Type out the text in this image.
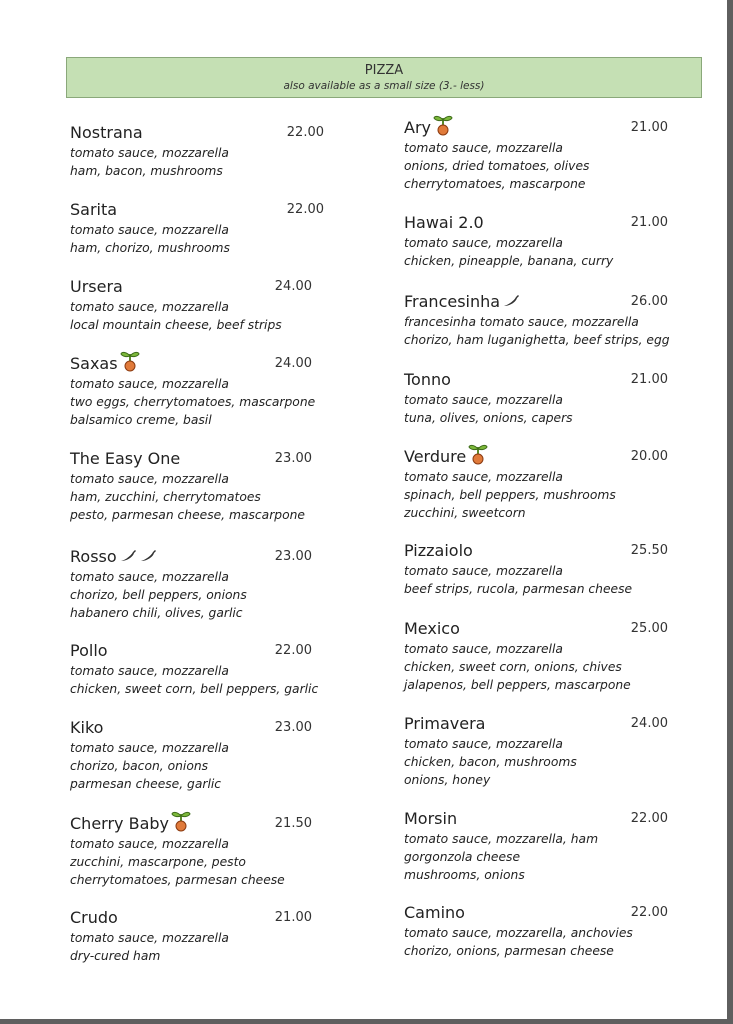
PIZZA
also available as a small size (3.- less)
Nostrana	22.00
tomato sauce, mozzarella
ham, bacon, mushrooms
Sarita	22.00
tomato sauce, mozzarella
ham, chorizo, mushrooms
Ursera	24.00
tomato sauce, mozzarella
local mountain cheese, beef strips
Saxas	24.00
tomato sauce, mozzarella
two eggs, cherrytomatoes, mascarpone
balsamico creme, basil
The Easy One	23.00
tomato sauce, mozzarella
ham, zucchini, cherrytomatoes
pesto, parmesan cheese, mascarpone
Rosso	23.00
tomato sauce, mozzarella
chorizo, bell peppers, onions
habanero chili, olives, garlic
Pollo	22.00
tomato sauce, mozzarella
chicken, sweet corn, bell peppers, garlic
Kiko	23.00
tomato sauce, mozzarella
chorizo, bacon, onions
parmesan cheese, garlic
Cherry Baby	21.50
tomato sauce, mozzarella
zucchini, mascarpone, pesto
cherrytomatoes, parmesan cheese
Crudo	21.00
tomato sauce, mozzarella
dry-cured ham
Ary	21.00
tomato sauce, mozzarella
onions, dried tomatoes, olives
cherrytomatoes, mascarpone
Hawai 2.0	21.00
tomato sauce, mozzarella
chicken, pineapple, banana, curry
Francesinha	26.00
francesinha tomato sauce, mozzarella
chorizo, ham luganighetta, beef strips, egg
Tonno	21.00
tomato sauce, mozzarella
tuna, olives, onions, capers
Verdure	20.00
tomato sauce, mozzarella
spinach, bell peppers, mushrooms
zucchini, sweetcorn
Pizzaiolo	25.50
tomato sauce, mozzarella
beef strips, rucola, parmesan cheese
Mexico	25.00
tomato sauce, mozzarella
chicken, sweet corn, onions, chives
jalapenos, bell peppers, mascarpone
Primavera	24.00
tomato sauce, mozzarella
chicken, bacon, mushrooms
onions, honey
Morsin	22.00
tomato sauce, mozzarella, ham
gorgonzola cheese
mushrooms, onions
Camino	22.00
tomato sauce, mozzarella, anchovies
chorizo, onions, parmesan cheese
